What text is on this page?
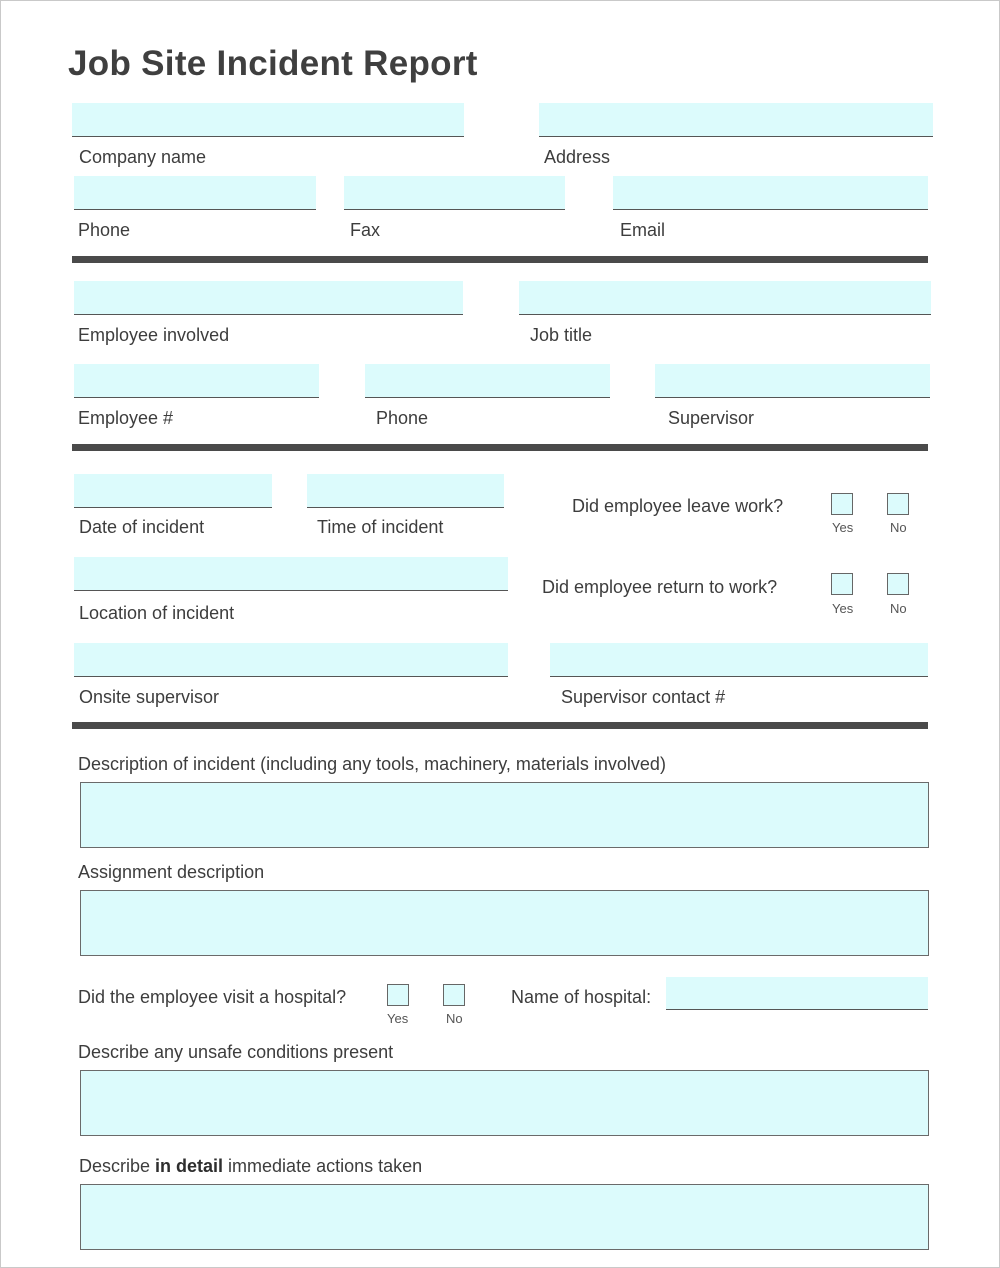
Job Site Incident Report
Company name	Address
Phone	Fax	Email
Employee involved	Job title
Employee #	Phone	Supervisor
Date of incident	Time of incident
Did employee leave work?
Yes	No
Location of incident
Did employee return to work?
Yes	No
Onsite supervisor	Supervisor contact #
Description of incident (including any tools, machinery, materials involved)
Assignment description
Did the employee visit a hospital?
Yes	No
Name of hospital:
Describe any unsafe conditions present
Describe in detail immediate actions taken
